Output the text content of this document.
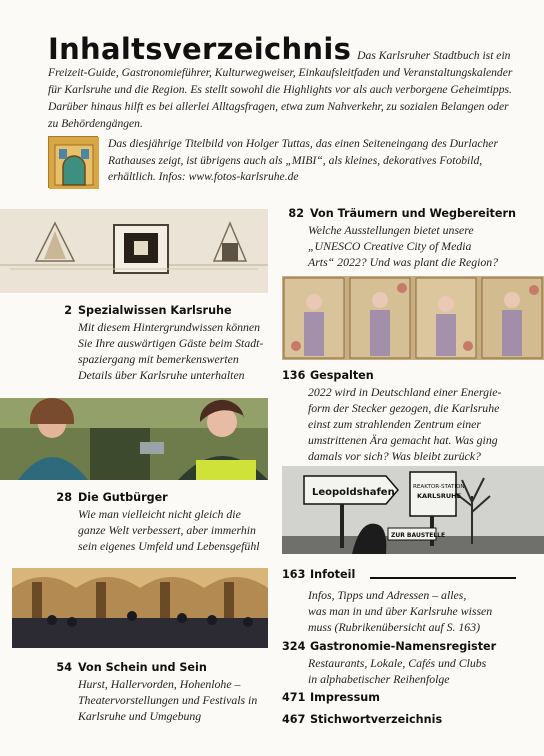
Inhaltsverzeichnis Das Karlsruher Stadtbuch ist ein Freizeit-Guide, Gastronomieführer, Kulturwegweiser, Einkaufsleitfaden und Veranstaltungskalender für Karlsruhe und die Region. Es stellt sowohl die Highlights vor als auch verborgene Geheimtipps. Darüber hinaus hilft es bei allerlei Alltagsfragen, etwa zum Nahverkehr, zu sozialen Belangen oder zu Behördengängen.
Das diesjährige Titelbild von Holger Tuttas, das einen Seiteneingang des Durlacher Rathauses zeigt, ist übrigens auch als „MIBI“, als kleines, dekoratives Fotobild, erhältlich. Infos: www.fotos-karlsruhe.de
Leopoldshafen	REAKTOR-STATION
KARLSRUHE
ZUR BAUSTELLE
2 Spezialwissen Karlsruhe
Mit diesem Hintergrundwissen können
Sie Ihre auswärtigen Gäste beim Stadt-
spaziergang mit bemerkenswerten
Details über Karlsruhe unterhalten
28 Die Gutbürger
Wie man vielleicht nicht gleich die
ganze Welt verbessert, aber immerhin
sein eigenes Umfeld und Lebensgefühl
54 Von Schein und Sein
Hurst, Hallervorden, Hohenlohe –
Theatervorstellungen und Festivals in
Karlsruhe und Umgebung
82 Von Träumern und Wegbereitern
Welche Ausstellungen bietet unsere
„UNESCO Creative City of Media
Arts“ 2022? Und was plant die Region?
136 Gespalten
2022 wird in Deutschland einer Energie-
form der Stecker gezogen, die Karlsruhe
einst zum strahlenden Zentrum einer
umstrittenen Ära gemacht hat. Was ging
damals vor sich? Was bleibt zurück?
163 Infoteil
Infos, Tipps und Adressen – alles,
was man in und über Karlsruhe wissen
muss (Rubrikenübersicht auf S. 163)
324 Gastronomie-Namensregister
Restaurants, Lokale, Cafés und Clubs
in alphabetischer Reihenfolge
471 Impressum
467 Stichwortverzeichnis
